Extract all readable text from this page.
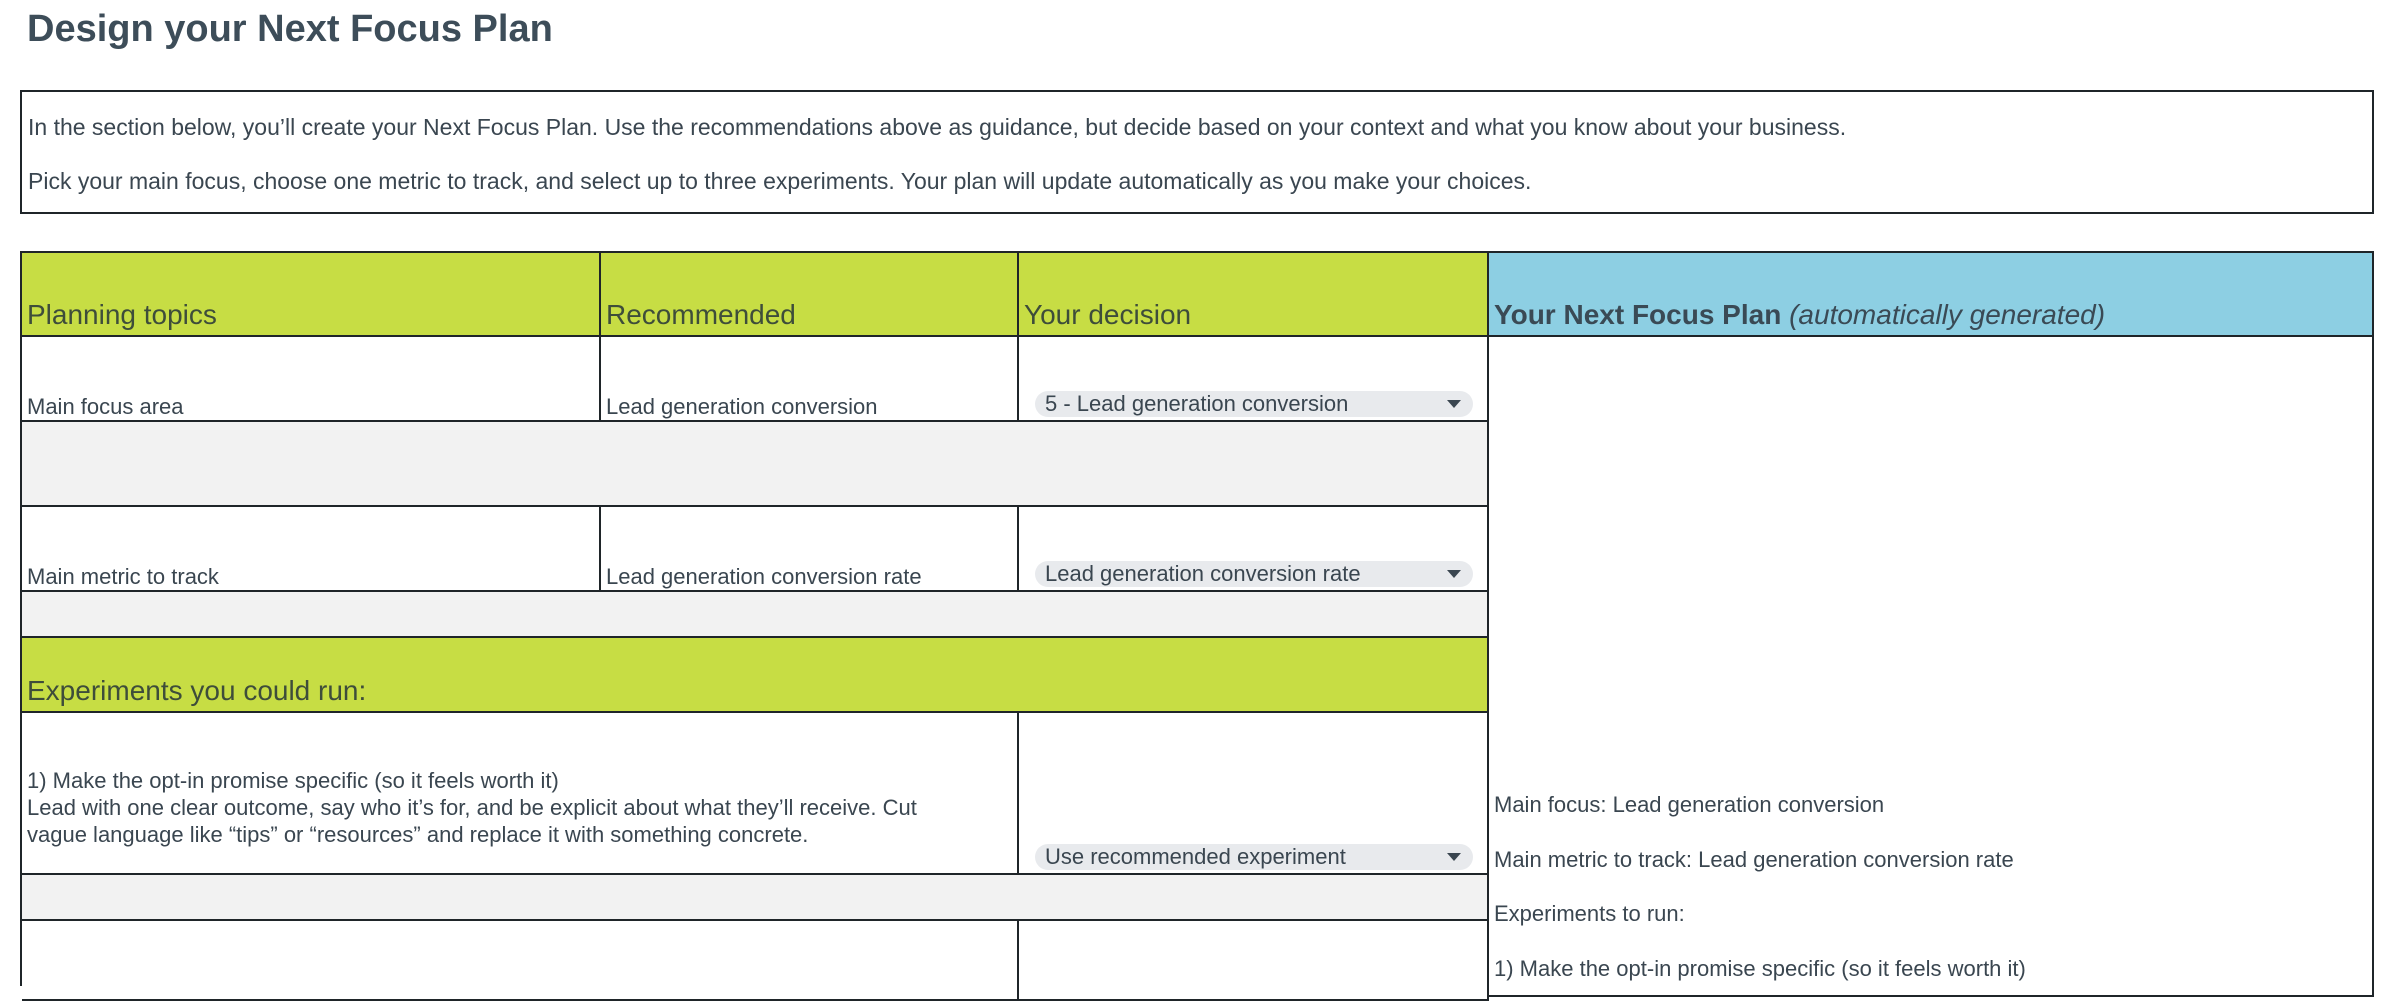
Design your Next Focus Plan

In the section below, you’ll create your Next Focus Plan. Use the recommendations above as guidance, but decide based on your context and what you know about your business.

Pick your main focus, choose one metric to track, and select up to three experiments. Your plan will update automatically as you make your choices.

Planning topics	Recommended	Your decision	Your Next Focus Plan (automatically generated)
Main focus area	Lead generation conversion	5 - Lead generation conversion
Main metric to track	Lead generation conversion rate	Lead generation conversion rate
Experiments you could run:
1) Make the opt-in promise specific (so it feels worth it)
Lead with one clear outcome, say who it’s for, and be explicit about what they’ll receive. Cut
vague language like “tips” or “resources” and replace it with something concrete.
Use recommended experiment
Main focus: Lead generation conversion
Main metric to track: Lead generation conversion rate
Experiments to run:
1) Make the opt-in promise specific (so it feels worth it)
